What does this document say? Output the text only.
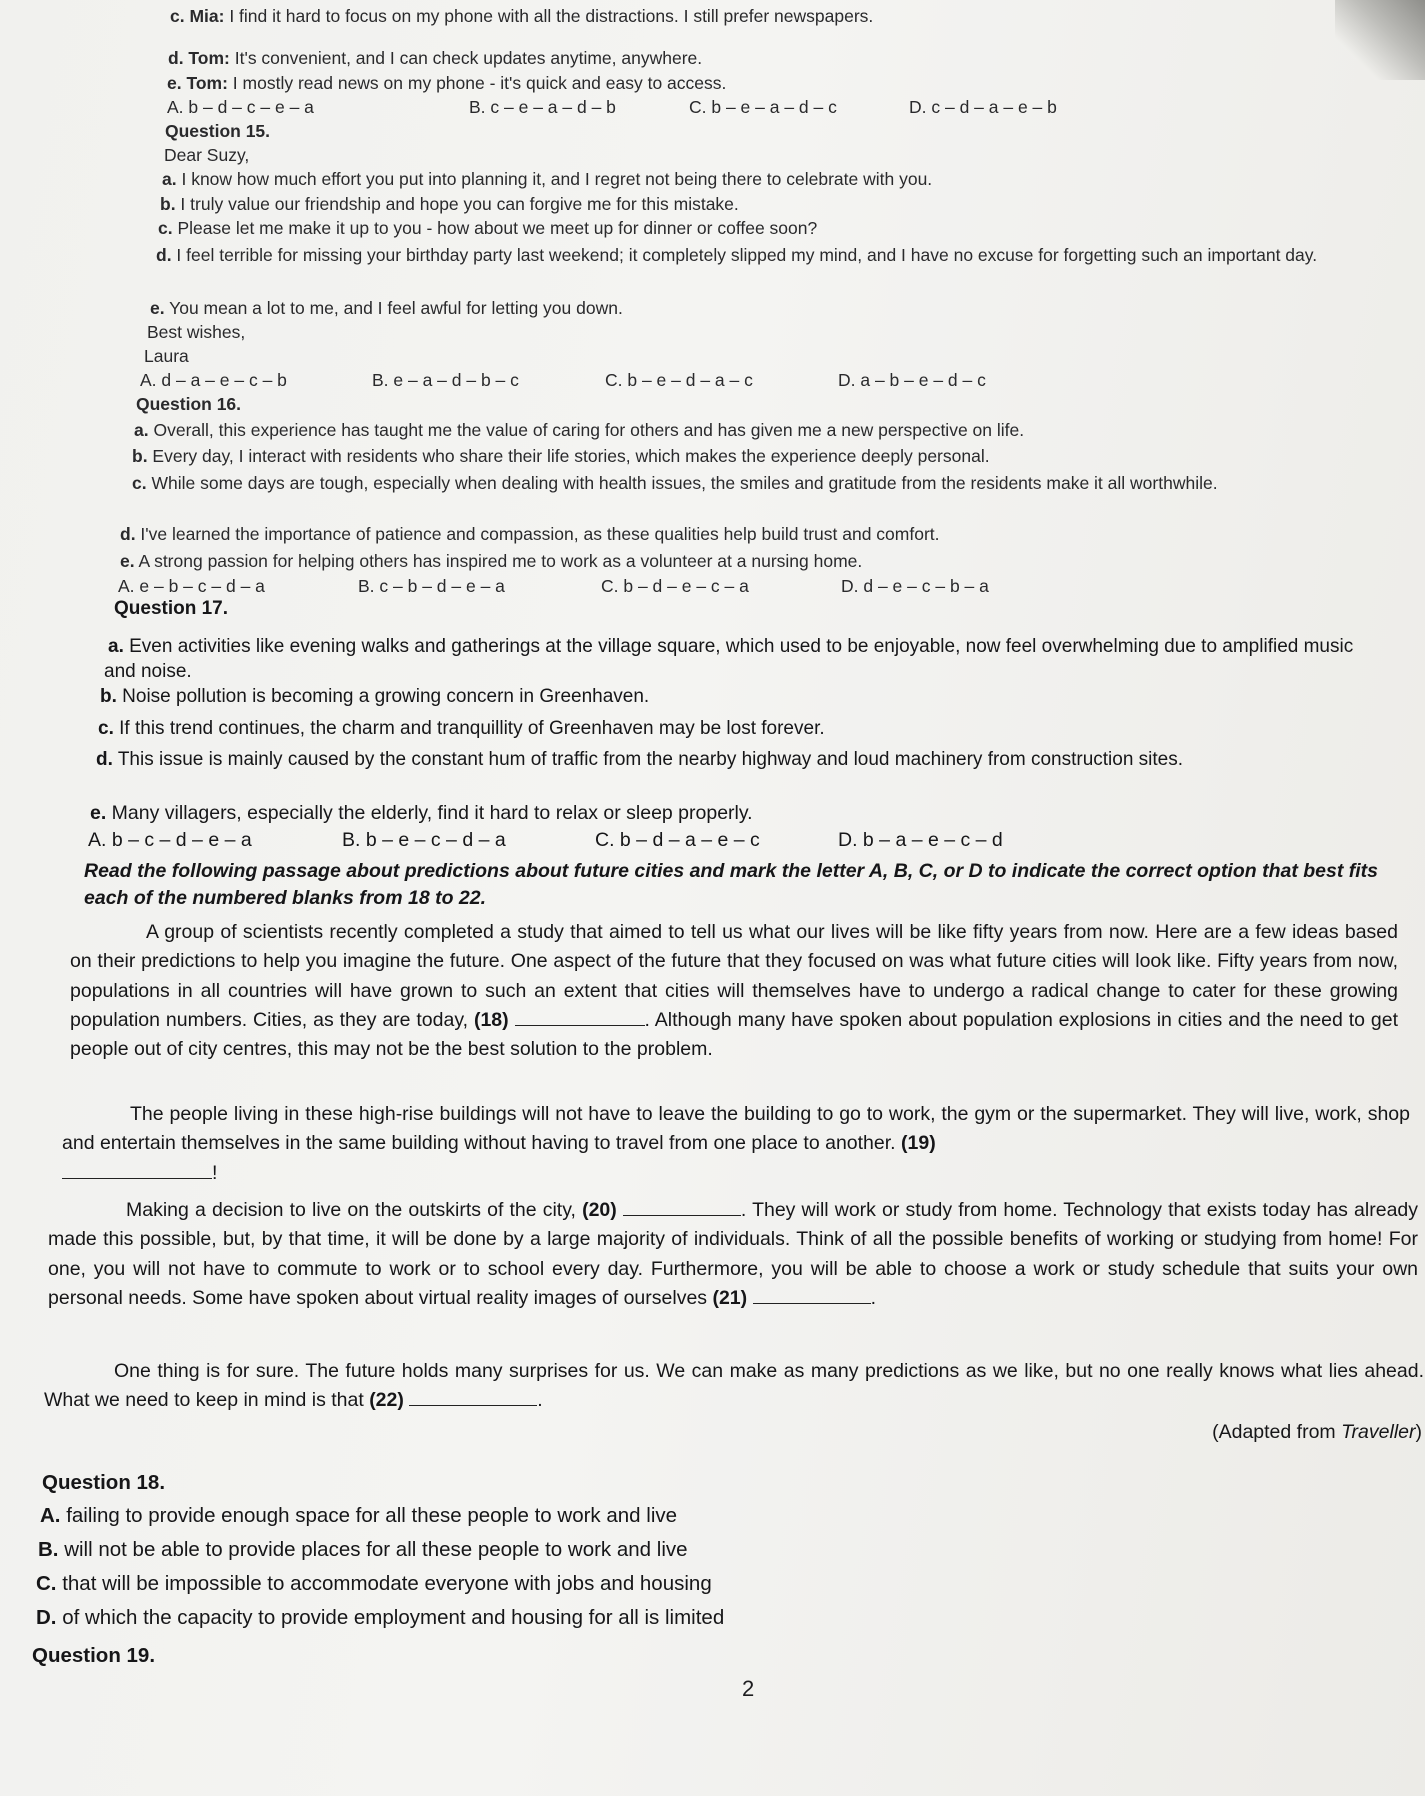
c. Mia: I find it hard to focus on my phone with all the distractions. I still prefer newspapers.
d. Tom: It's convenient, and I can check updates anytime, anywhere.
e. Tom: I mostly read news on my phone - it's quick and easy to access.
A. b – d – c – e – a	B. c – e – a – d – b	C. b – e – a – d – c	D. c – d – a – e – b
Question 15.
Dear Suzy,
a. I know how much effort you put into planning it, and I regret not being there to celebrate with you.
b. I truly value our friendship and hope you can forgive me for this mistake.
c. Please let me make it up to you - how about we meet up for dinner or coffee soon?
d. I feel terrible for missing your birthday party last weekend; it completely slipped my mind, and I have no excuse for forgetting such an important day.
e. You mean a lot to me, and I feel awful for letting you down.
Best wishes,
Laura
A. d – a – e – c – b	B. e – a – d – b – c	C. b – e – d – a – c	D. a – b – e – d – c
Question 16.
a. Overall, this experience has taught me the value of caring for others and has given me a new perspective on life.
b. Every day, I interact with residents who share their life stories, which makes the experience deeply personal.
c. While some days are tough, especially when dealing with health issues, the smiles and gratitude from the residents make it all worthwhile.
d. I've learned the importance of patience and compassion, as these qualities help build trust and comfort.
e. A strong passion for helping others has inspired me to work as a volunteer at a nursing home.
A. e – b – c – d – a	B. c – b – d – e – a	C. b – d – e – c – a	D. d – e – c – b – a
Question 17.
a. Even activities like evening walks and gatherings at the village square, which used to be enjoyable, now feel overwhelming due to amplified music and noise.
b. Noise pollution is becoming a growing concern in Greenhaven.
c. If this trend continues, the charm and tranquillity of Greenhaven may be lost forever.
d. This issue is mainly caused by the constant hum of traffic from the nearby highway and loud machinery from construction sites.
e. Many villagers, especially the elderly, find it hard to relax or sleep properly.
A. b – c – d – e – a	B. b – e – c – d – a	C. b – d – a – e – c	D. b – a – e – c – d
Read the following passage about predictions about future cities and mark the letter A, B, C, or D to indicate the correct option that best fits each of the numbered blanks from 18 to 22.
A group of scientists recently completed a study that aimed to tell us what our lives will be like fifty years from now. Here are a few ideas based on their predictions to help you imagine the future. One aspect of the future that they focused on was what future cities will look like. Fifty years from now, populations in all countries will have grown to such an extent that cities will themselves have to undergo a radical change to cater for these growing population numbers. Cities, as they are today, (18)	. Although many have spoken about population explosions in cities and the need to get people out of city centres, this may not be the best solution to the problem.
The people living in these high-rise buildings will not have to leave the building to go to work, the gym or the supermarket. They will live, work, shop and entertain themselves in the same building without having to travel from one place to another. (19)
!
Making a decision to live on the outskirts of the city, (20)	. They will work or study from home. Technology that exists today has already made this possible, but, by that time, it will be done by a large majority of individuals. Think of all the possible benefits of working or studying from home! For one, you will not have to commute to work or to school every day. Furthermore, you will be able to choose a work or study schedule that suits your own personal needs. Some have spoken about virtual reality images of ourselves (21)	.
One thing is for sure. The future holds many surprises for us. We can make as many predictions as we like, but no one really knows what lies ahead. What we need to keep in mind is that (22)	.
(Adapted from Traveller)
Question 18.
A. failing to provide enough space for all these people to work and live
B. will not be able to provide places for all these people to work and live
C. that will be impossible to accommodate everyone with jobs and housing
D. of which the capacity to provide employment and housing for all is limited
Question 19.
2
